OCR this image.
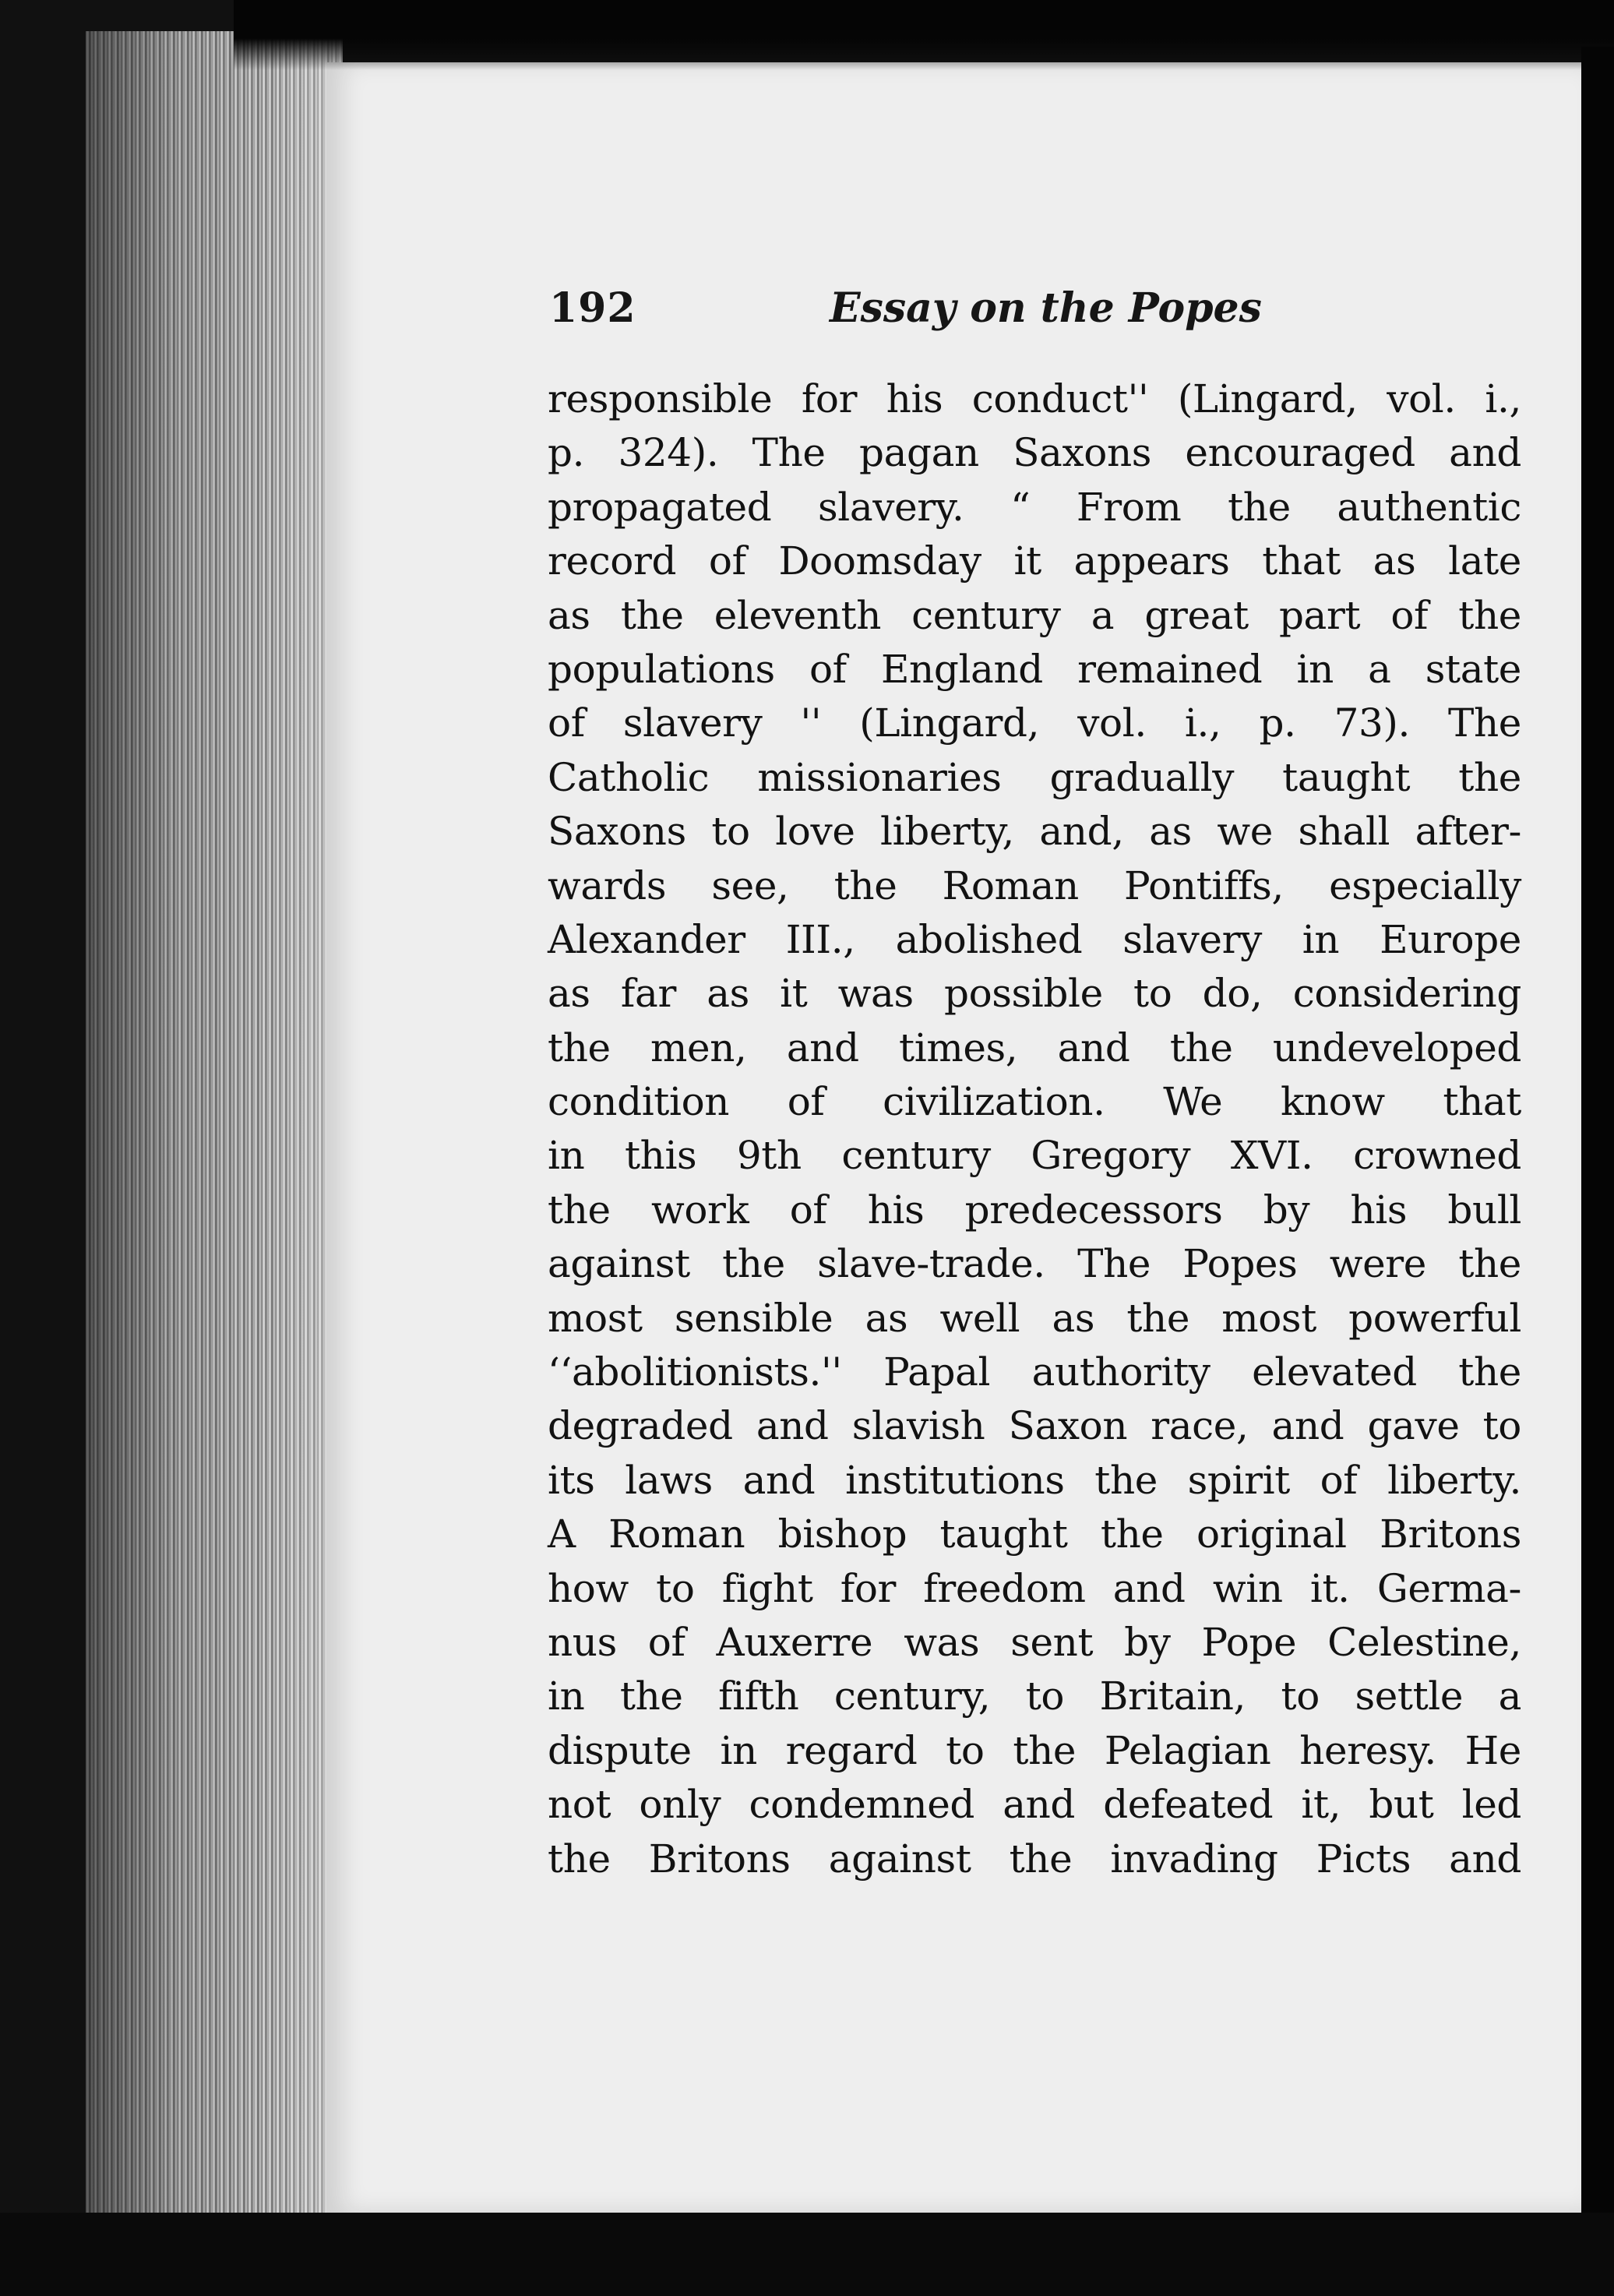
192	Essay on the Popes
responsible for his conduct'' (Lingard, vol. i.,
p. 324). The pagan Saxons encouraged and
propagated slavery. “ From the authentic
record of Doomsday it appears that as late
as the eleventh century a great part of the
populations of England remained in a state
of slavery '' (Lingard, vol. i., p. 73). The
Catholic missionaries gradually taught the
Saxons to love liberty, and, as we shall after-
wards see, the Roman Pontiffs, especially
Alexander III., abolished slavery in Europe
as far as it was possible to do, considering
the men, and times, and the undeveloped
condition of civilization. We know that
in this 9th century Gregory XVI. crowned
the work of his predecessors by his bull
against the slave-trade. The Popes were the
most sensible as well as the most powerful
‘‘abolitionists.'' Papal authority elevated the
degraded and slavish Saxon race, and gave to
its laws and institutions the spirit of liberty.
A Roman bishop taught the original Britons
how to fight for freedom and win it. Germa-
nus of Auxerre was sent by Pope Celestine,
in the fifth century, to Britain, to settle a
dispute in regard to the Pelagian heresy. He
not only condemned and defeated it, but led
the Britons against the invading Picts and
